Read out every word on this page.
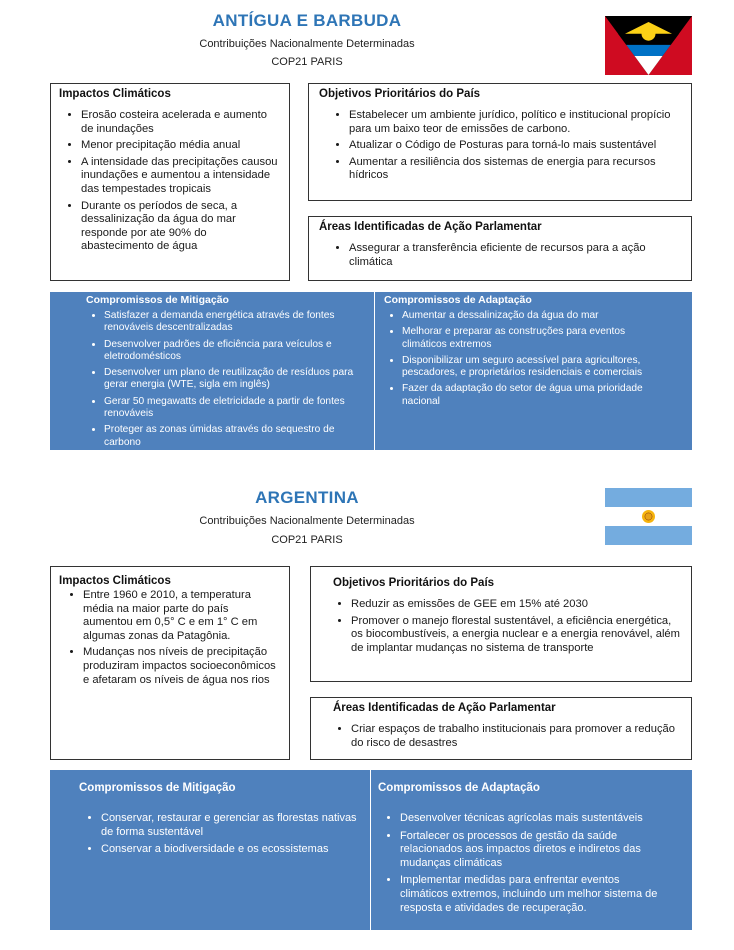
ANTÍGUA E BARBUDA
Contribuições Nacionalmente Determinadas
COP21 PARIS
Impactos Climáticos
• Erosão costeira acelerada e aumento de inundações
• Menor precipitação média anual
• A intensidade das precipitações causou inundações e aumentou a intensidade das tempestades tropicais
• Durante os períodos de seca, a dessalinização da água do mar responde por ate 90% do abastecimento de água
Objetivos Prioritários do País
• Estabelecer um ambiente jurídico, político e institucional propício para um baixo teor de emissões de carbono.
• Atualizar o Código de Posturas para torná-lo mais sustentável
• Aumentar a resiliência dos sistemas de energia para recursos hídricos
Áreas Identificadas de Ação Parlamentar
• Assegurar a transferência eficiente de recursos para a ação climática
Compromissos de Mitigação
• Satisfazer a demanda energética através de fontes renováveis descentralizadas
• Desenvolver padrões de eficiência para veículos e eletrodomésticos
• Desenvolver um plano de reutilização de resíduos para gerar energia (WTE, sigla em inglês)
• Gerar 50 megawatts de eletricidade a partir de fontes renováveis
• Proteger as zonas úmidas através do sequestro de carbono
Compromissos de Adaptação
• Aumentar a dessalinização da água do mar
• Melhorar e preparar as construções para eventos climáticos extremos
• Disponibilizar um seguro acessível para agricultores, pescadores, e proprietários residenciais e comerciais
• Fazer da adaptação do setor de água uma prioridade nacional
ARGENTINA
Contribuições Nacionalmente Determinadas
COP21 PARIS
Impactos Climáticos
• Entre 1960 e 2010, a temperatura média na maior parte do país aumentou em 0,5° C e em 1° C em algumas zonas da Patagônia.
• Mudanças nos níveis de precipitação produziram impactos socioeconômicos e afetaram os níveis de água nos rios
Objetivos Prioritários do País
• Reduzir as emissões de GEE em 15% até 2030
• Promover o manejo florestal sustentável, a eficiência energética, os biocombustíveis, a energia nuclear e a energia renovável, além de implantar mudanças no sistema de transporte
Áreas Identificadas de Ação Parlamentar
• Criar espaços de trabalho institucionais para promover a redução do risco de desastres
Compromissos de Mitigação
• Conservar, restaurar e gerenciar as florestas nativas de forma sustentável
• Conservar a biodiversidade e os ecossistemas
Compromissos de Adaptação
• Desenvolver técnicas agrícolas mais sustentáveis
• Fortalecer os processos de gestão da saúde relacionados aos impactos diretos e indiretos das mudanças climáticas
• Implementar medidas para enfrentar eventos climáticos extremos, incluindo um melhor sistema de resposta e atividades de recuperação.
